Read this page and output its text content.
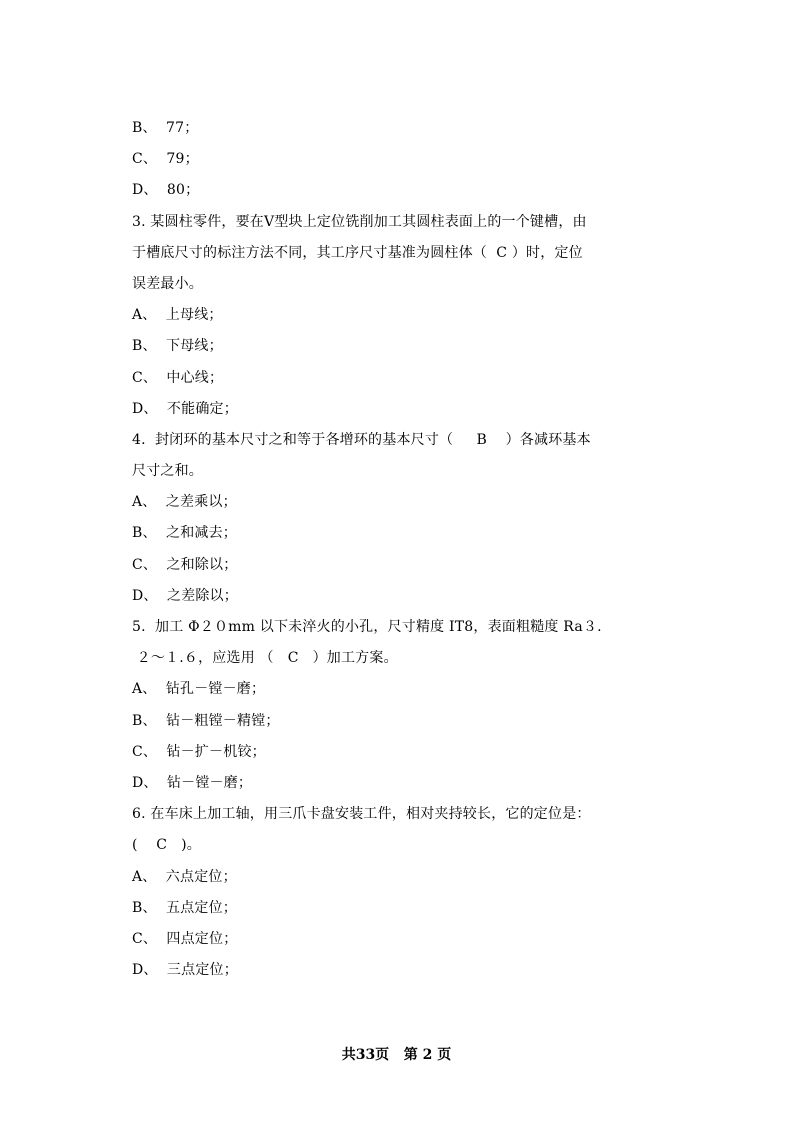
B、  77；
C、  79；
D、  80；
3. 某圆柱零件，要在V型块上定位铣削加工其圆柱表面上的一个键槽，由
于槽底尺寸的标注方法不同，其工序尺寸基准为圆柱体（  C ）时，定位
误差最小。
A、  上母线；
B、  下母线；
C、  中心线；
D、  不能确定；
4.  封闭环的基本尺寸之和等于各增环的基本尺寸（     B    ）各减环基本
尺寸之和。
A、  之差乘以；
B、  之和减去；
C、  之和除以；
D、  之差除以；
5.  加工 Φ２０mm 以下未淬火的小孔，尺寸精度 IT8，表面粗糙度 Ra３.
２～１.６，应选用 （   C   ）加工方案。
A、  钻孔－镗－磨；
B、  钻－粗镗－精镗；
C、  钻－扩－机铰；
D、  钻－镗－磨；
6. 在车床上加工轴，用三爪卡盘安装工件，相对夹持较长，它的定位是：
(    C   )。
A、  六点定位；
B、  五点定位；
C、  四点定位；
D、  三点定位；
共33页   第 2 页
